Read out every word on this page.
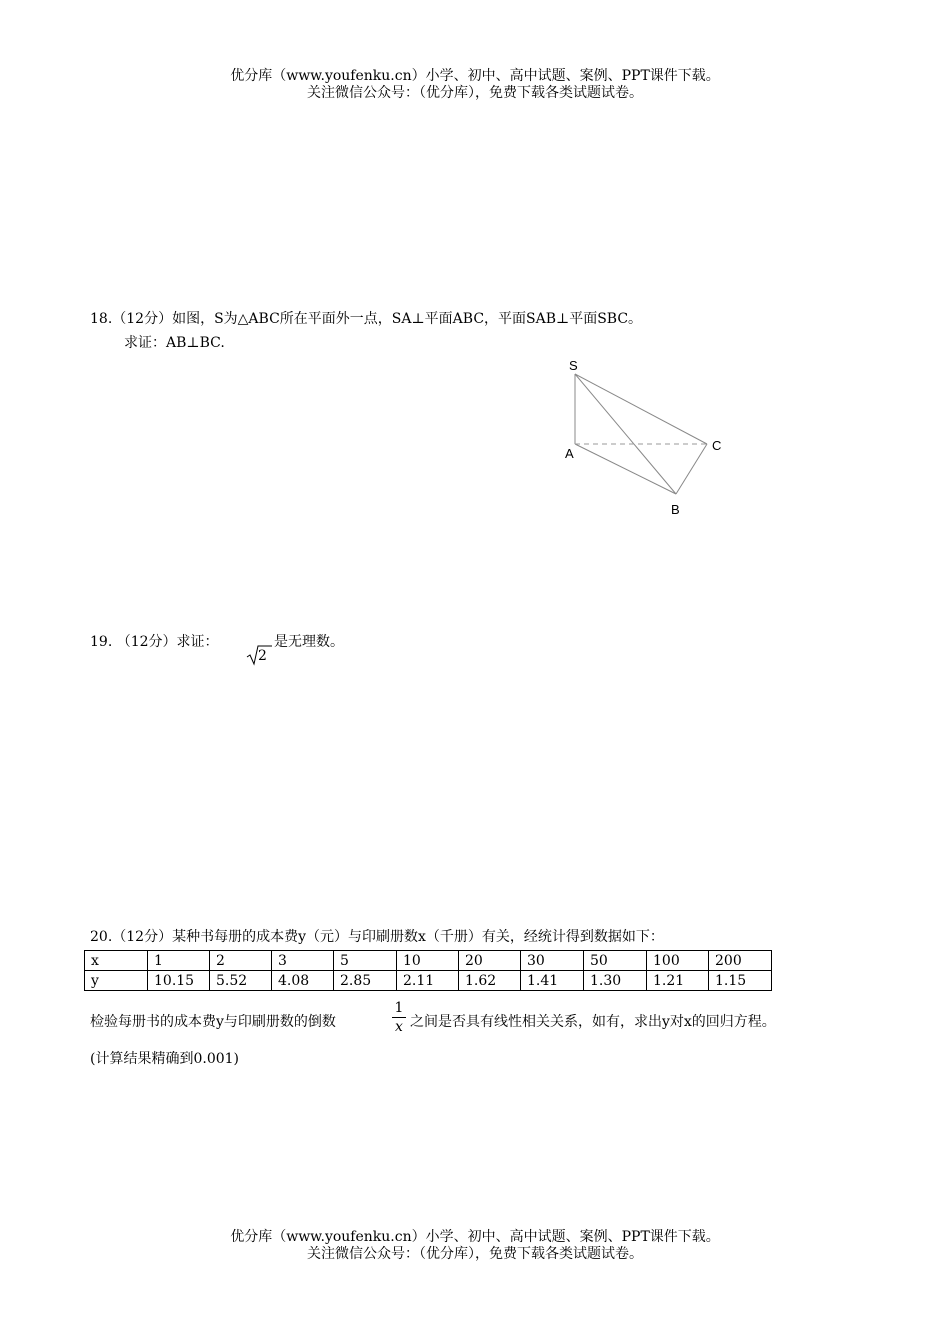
优分库（www.youfenku.cn）小学、初中、高中试题、案例、PPT课件下载。
关注微信公众号：（优分库），免费下载各类试题试卷。
18.（12分）如图，S为△ABC所在平面外一点，SA⊥平面ABC，平面SAB⊥平面SBC。
求证：AB⊥BC.
S
A
B
C
19. （12分）求证：
2
是无理数。
20.（12分）某种书每册的成本费y（元）与印刷册数x（千册）有关，经统计得到数据如下：
x	1	2	3	5	10	20	30	50	100	200
y	10.15	5.52	4.08	2.85	2.11	1.62	1.41	1.30	1.21	1.15
检验每册书的成本费y与印刷册数的倒数
1
x 之间是否具有线性相关关系，如有，求出y对x的回归方程。
(计算结果精确到0.001)
优分库（www.youfenku.cn）小学、初中、高中试题、案例、PPT课件下载。
关注微信公众号：（优分库），免费下载各类试题试卷。
